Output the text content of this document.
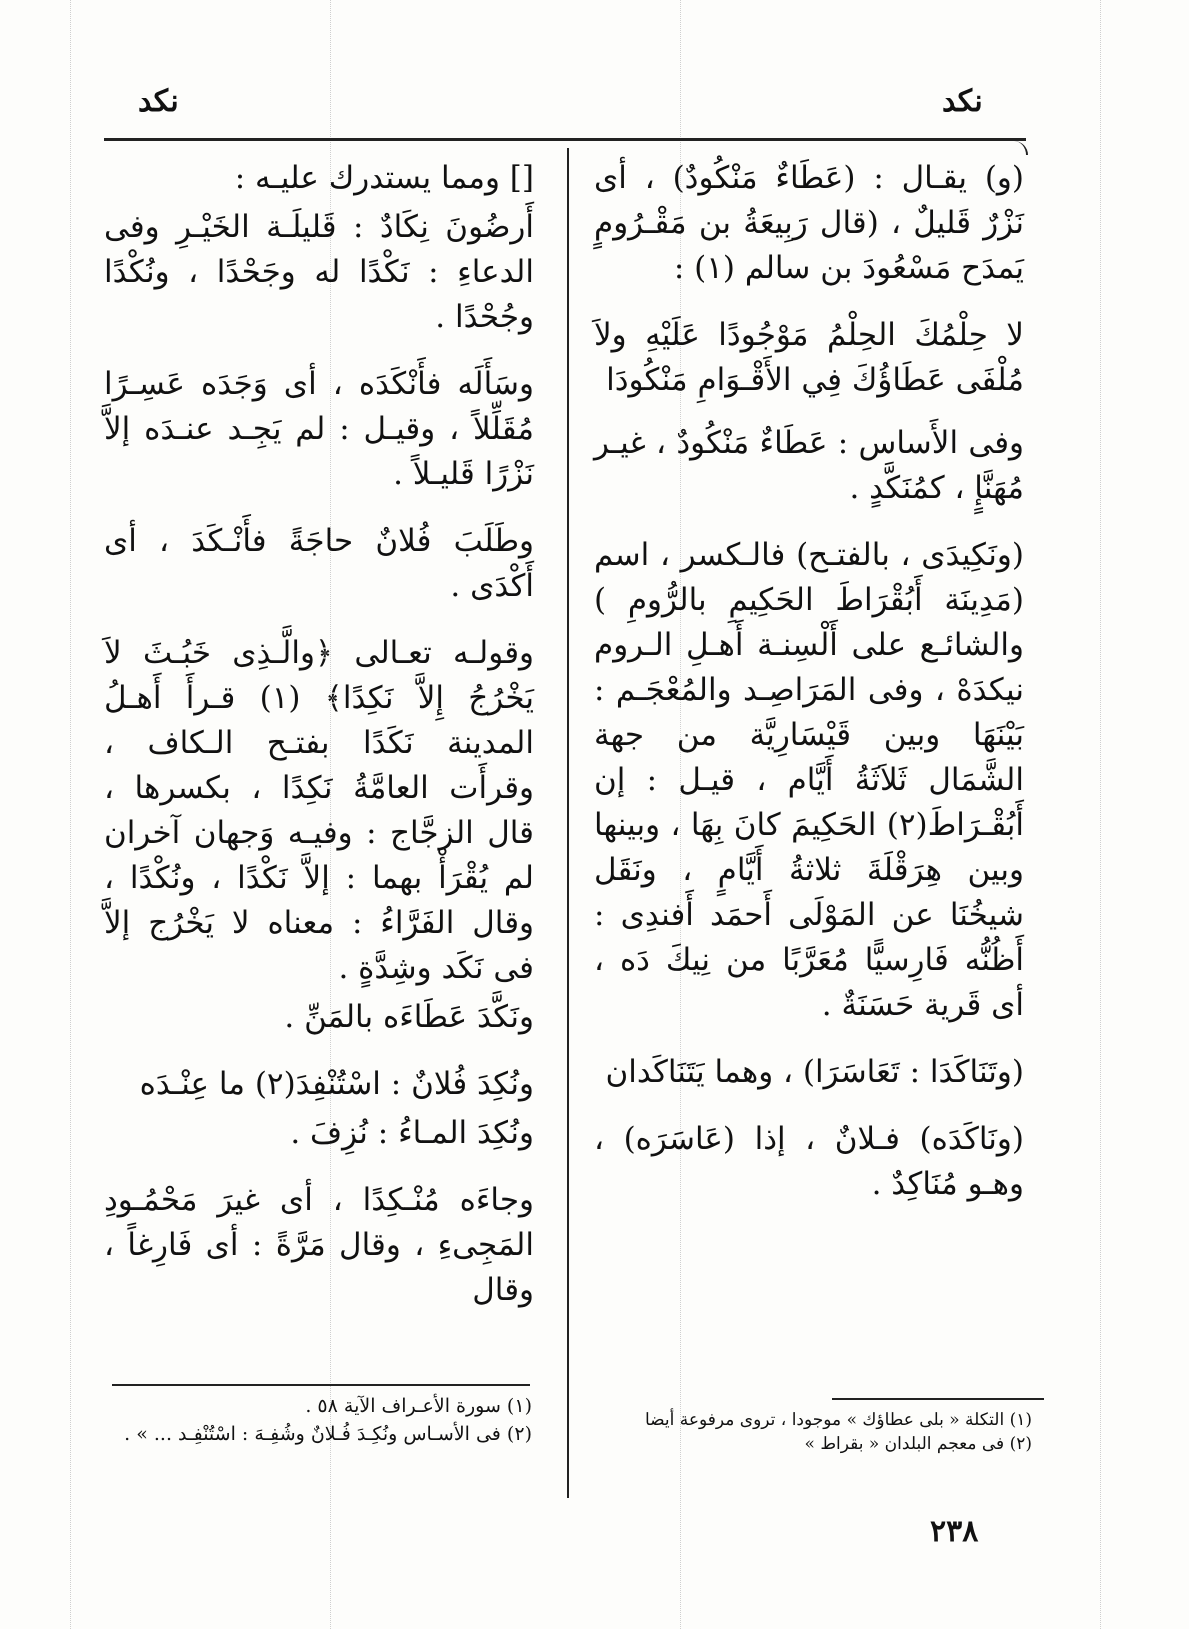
نكد
نكد

(و) يقـال : (عَطَاءٌ مَنْكُودٌ) ، أى نَزْرٌ قَليلٌ ، (قال رَبِيعَةُ بن مَقْـرُومٍ يَمدَح مَسْعُودَ بن سالم (١) :

لا حِلْمُكَ الحِلْمُ مَوْجُودًا عَلَيْهِ ولاَ مُلْفَى عَطَاؤُكَ فِي الأَقْـوَامِ مَنْكُودَا

وفى الأَساس : عَطَاءٌ مَنْكُودٌ ، غيـر مُهَنَّإٍ ، كمُنَكَّدٍ .

(ونَكِيدَى ، بالفتـح) فالـكسر ، اسم (مَدِينَة أَبُقْرَاطَ الحَكِيمِ بالرُّومِ ) والشائـع على أَلْسِنـة أَهـلِ الـروم نيكدَهْ ، وفى المَرَاصِـد والمُعْجَـم : بَيْنَهَا وبين قَيْسَارِيَّة من جهة الشَّمَال ثَلاَثَةُ أَيَّام ، قيـل : إن أَبُقْـرَاطَ(٢) الحَكِيمَ كانَ بِهَا ، وبينها وبين هِرَقْلَةَ ثلاثةُ أَيَّامٍ ، ونَقَل شيخُنَا عن المَوْلَى أَحمَد أَفندِى : أَظُنُّه فَارِسيًّا مُعَرَّبًا من نِيكَ دَه ، أى قَرية حَسَنَةٌ .

(وتَنَاكَدَا : تَعَاسَرَا) ، وهما يَتَنَاكَدان

(ونَاكَدَه) فـلانٌ ، إذا (عَاسَرَه) ، وهـو مُنَاكِدٌ .

(١) التكلة « بلى عطاؤك » موجودا ، تروى مرفوعة أيضا
(٢) فى معجم البلدان « بقراط »

[] ومما يستدرك عليـه :

أَرضُونَ نِكَادٌ : قَليلَـة الخَيْـرِ وفى الدعاءِ : نَكْدًا له وجَحْدًا ، ونُكْدًا وجُحْدًا .

وسَأَلَه فأَنْكَدَه ، أى وَجَدَه عَسِـرًا مُقَلِّلاً ، وقيـل : لم يَجِـد عنـدَه إلاَّ نَزْرًا قَليـلاً .

وطَلَبَ فُلانٌ حاجَةً فأَنْـكَدَ ، أى أَكْدَى .

وقولـه تعـالى ﴿والَّـذِى خَبُـثَ لاَ يَخْرُجُ إِلاَّ نَكِدًا﴾ (١) قـرأَ أَهـلُ المدينة نَكَدًا بفتـح الـكاف ، وقرأَت العامَّةُ نَكِدًا ، بكسرها ، قال الزجَّاج : وفيـه وَجهان آخران لم يُقْرَأْ بهما : إلاَّ نَكْدًا ، ونُكْدًا ، وقال الفَرَّاءُ : معناه لا يَخْرُج إلاَّ فى نَكَد وشِدَّةٍ .

ونَكَّدَ عَطَاءَه بالمَنِّ .

ونُكِدَ فُلانٌ : اسْتُنْفِدَ(٢) ما عِنْـدَه

ونُكِدَ المـاءُ : نُزِفَ .

وجاءَه مُنْـكِدًا ، أى غيرَ مَحْمُـودِ المَجِىءِ ، وقال مَرَّةً : أى فَارِغاً ، وقال

(١) سورة الأعـراف الآية ٥٨ .
(٢) فى الأسـاس ونُكِـدَ فُـلانٌ وشُفِـهَ : اسْتُنْفِـد ... » .
٢٣٨
